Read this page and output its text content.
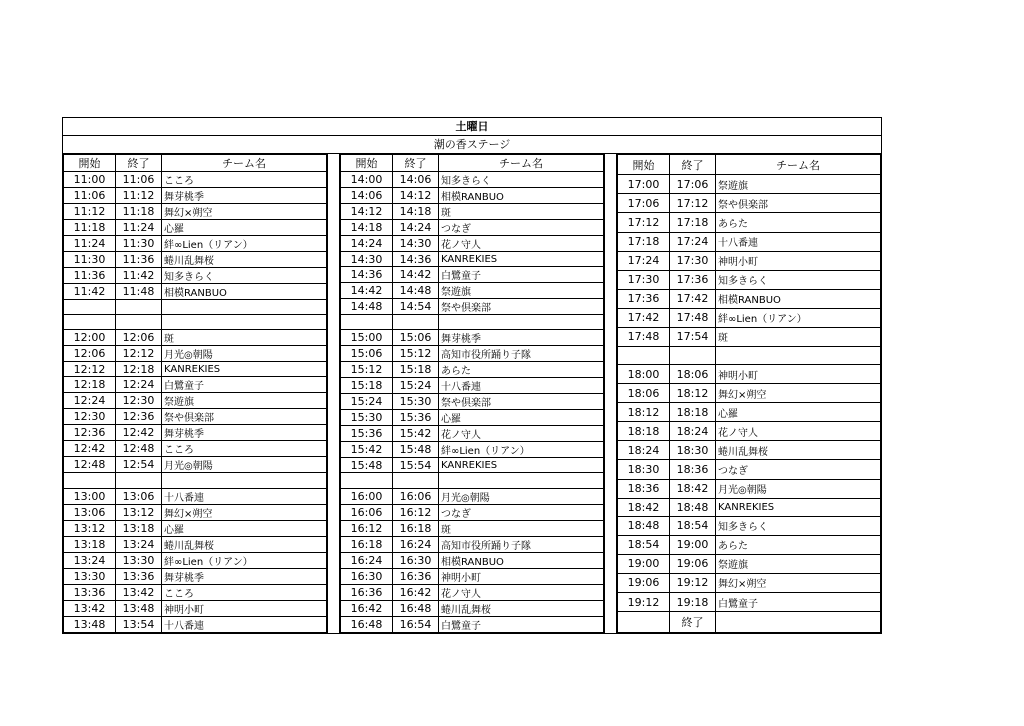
土曜日
潮の香ステージ
開始	終了	チーム名
11:00	11:06	こころ
11:06	11:12	舞芽桃季
11:12	11:18	舞幻×朔空
11:18	11:24	心羅
11:24	11:30	絆∞Lien（リアン）
11:30	11:36	蜷川乱舞桜
11:36	11:42	知多きらく
11:42	11:48	相模RANBUO

12:00	12:06	斑
12:06	12:12	月光◎朝陽
12:12	12:18	KANREKIES
12:18	12:24	白鷺童子
12:24	12:30	祭遊旗
12:30	12:36	祭や倶楽部
12:36	12:42	舞芽桃季
12:42	12:48	こころ
12:48	12:54	月光◎朝陽

13:00	13:06	十八番連
13:06	13:12	舞幻×朔空
13:12	13:18	心羅
13:18	13:24	蜷川乱舞桜
13:24	13:30	絆∞Lien（リアン）
13:30	13:36	舞芽桃季
13:36	13:42	こころ
13:42	13:48	神明小町
13:48	13:54	十八番連
開始	終了	チーム名
14:00	14:06	知多きらく
14:06	14:12	相模RANBUO
14:12	14:18	斑
14:18	14:24	つなぎ
14:24	14:30	花ノ守人
14:30	14:36	KANREKIES
14:36	14:42	白鷺童子
14:42	14:48	祭遊旗
14:48	14:54	祭や倶楽部

15:00	15:06	舞芽桃季
15:06	15:12	高知市役所踊り子隊
15:12	15:18	あらた
15:18	15:24	十八番連
15:24	15:30	祭や倶楽部
15:30	15:36	心羅
15:36	15:42	花ノ守人
15:42	15:48	絆∞Lien（リアン）
15:48	15:54	KANREKIES

16:00	16:06	月光◎朝陽
16:06	16:12	つなぎ
16:12	16:18	斑
16:18	16:24	高知市役所踊り子隊
16:24	16:30	相模RANBUO
16:30	16:36	神明小町
16:36	16:42	花ノ守人
16:42	16:48	蜷川乱舞桜
16:48	16:54	白鷺童子
開始	終了	チーム名
17:00	17:06	祭遊旗
17:06	17:12	祭や倶楽部
17:12	17:18	あらた
17:18	17:24	十八番連
17:24	17:30	神明小町
17:30	17:36	知多きらく
17:36	17:42	相模RANBUO
17:42	17:48	絆∞Lien（リアン）
17:48	17:54	斑

18:00	18:06	神明小町
18:06	18:12	舞幻×朔空
18:12	18:18	心羅
18:18	18:24	花ノ守人
18:24	18:30	蜷川乱舞桜
18:30	18:36	つなぎ
18:36	18:42	月光◎朝陽
18:42	18:48	KANREKIES
18:48	18:54	知多きらく
18:54	19:00	あらた
19:00	19:06	祭遊旗
19:06	19:12	舞幻×朔空
19:12	19:18	白鷺童子
	終了	
